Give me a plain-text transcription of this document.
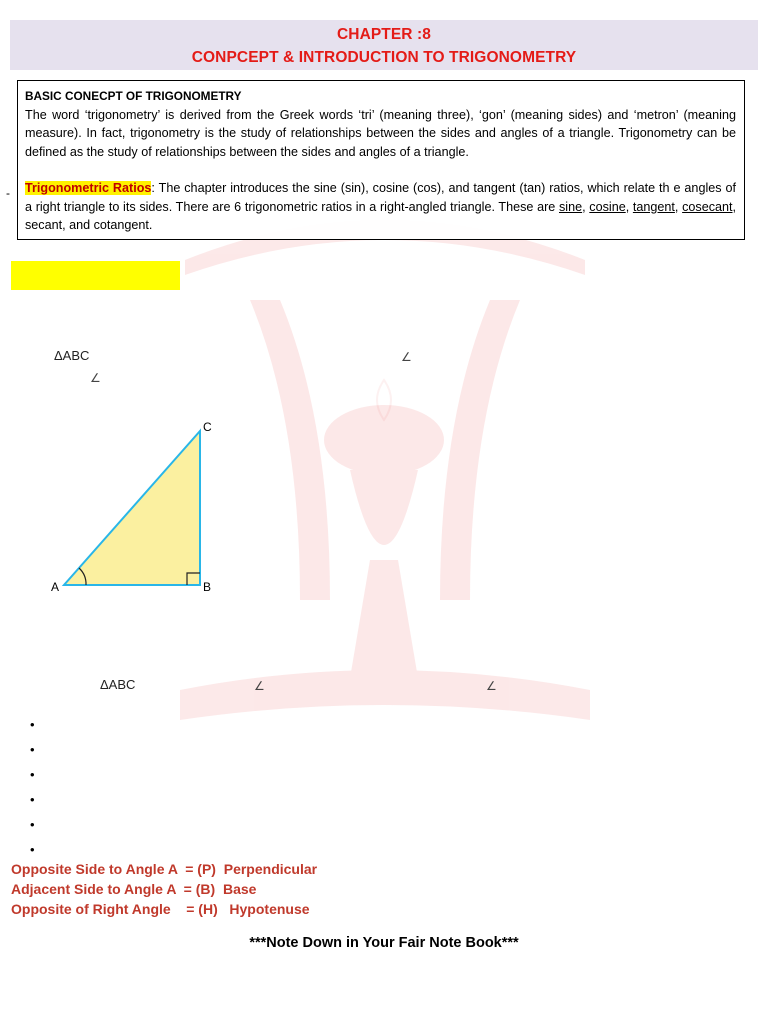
CHAPTER :8
CONPCEPT & INTRODUCTION TO TRIGONOMETRY
BASIC CONECPT OF TRIGONOMETRY

The word ‘trigonometry’ is derived from the Greek words ‘tri’ (meaning three), ‘gon’ (meaning sides) and ‘metron’ (meaning measure). In fact, trigonometry is the study of relationships between the sides and angles of a triangle. Trigonometry can be defined as the study of relationships between the sides and angles of a triangle.

Trigonometric Ratios: The chapter introduces the sine (sin), cosine (cos), and tangent (tan) ratios, which relate th e angles of a right triangle to its sides. There are 6 trigonometric ratios in a right-angled triangle. These are sine, cosine, tangent, cosecant, secant, and cotangent.

-
ΔABC	∠
∠
A	B
C
ΔABC	∠	∠
•
•
•
•
•
•
Opposite Side to Angle A  = (P)  Perpendicular
Adjacent Side to Angle A  = (B)  Base
Opposite of Right Angle    = (H)   Hypotenuse
***Note Down in Your Fair Note Book***
